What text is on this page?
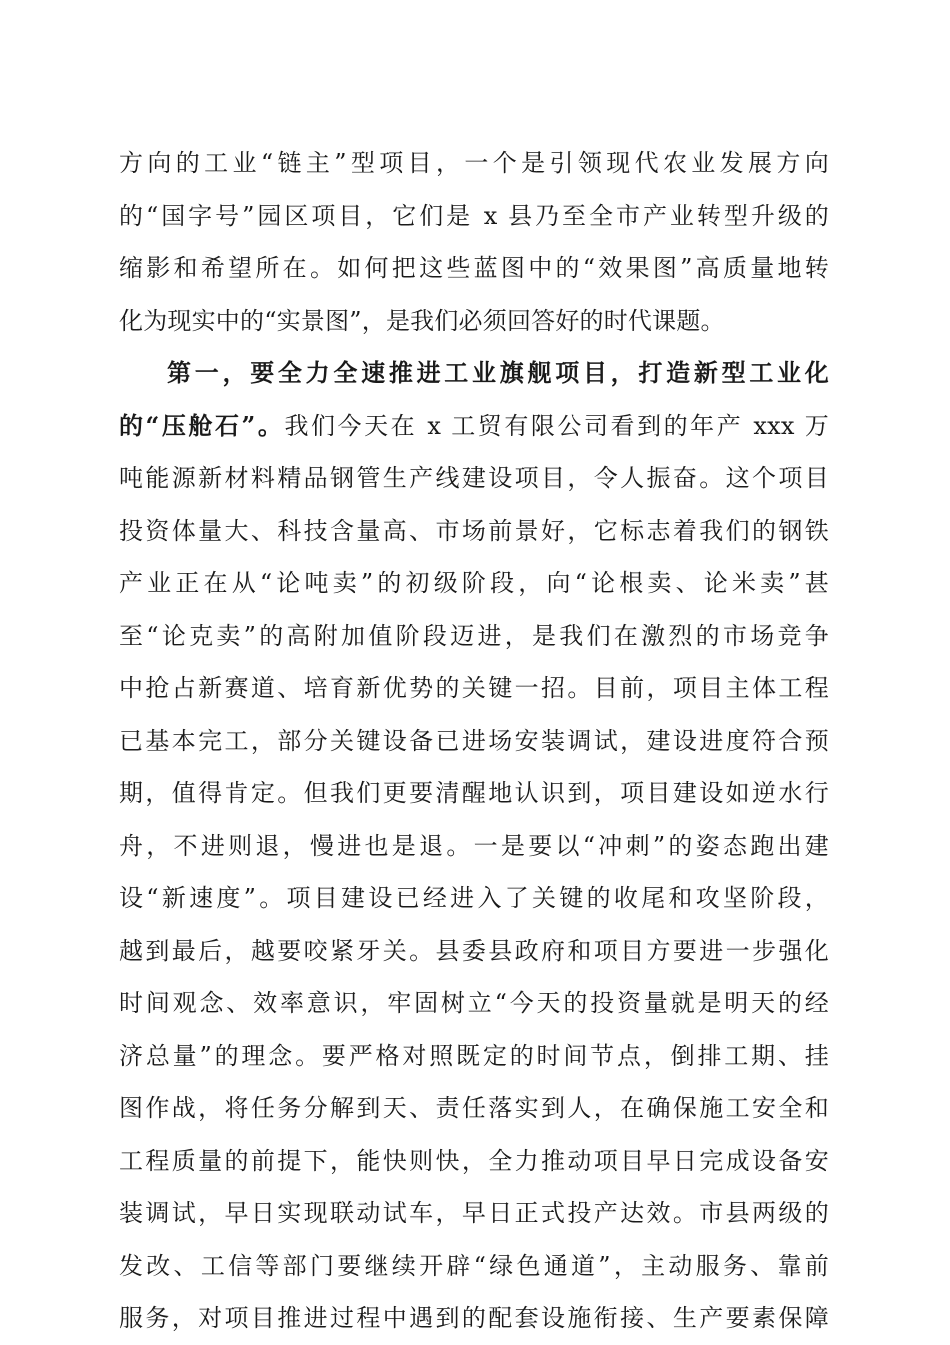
方向的工业“链主”型项目，一个是引领现代农业发展方向
的“国字号”园区项目，它们是 x 县乃至全市产业转型升级的
缩影和希望所在。如何把这些蓝图中的“效果图”高质量地转
化为现实中的“实景图”，是我们必须回答好的时代课题。
第一，要全力全速推进工业旗舰项目，打造新型工业化
的“压舱石”。我们今天在 x 工贸有限公司看到的年产 xxx 万
吨能源新材料精品钢管生产线建设项目，令人振奋。这个项目
投资体量大、科技含量高、市场前景好，它标志着我们的钢铁
产业正在从“论吨卖”的初级阶段，向“论根卖、论米卖”甚
至“论克卖”的高附加值阶段迈进，是我们在激烈的市场竞争
中抢占新赛道、培育新优势的关键一招。目前，项目主体工程
已基本完工，部分关键设备已进场安装调试，建设进度符合预
期，值得肯定。但我们更要清醒地认识到，项目建设如逆水行
舟，不进则退，慢进也是退。一是要以“冲刺”的姿态跑出建
设“新速度”。项目建设已经进入了关键的收尾和攻坚阶段，
越到最后，越要咬紧牙关。县委县政府和项目方要进一步强化
时间观念、效率意识，牢固树立“今天的投资量就是明天的经
济总量”的理念。要严格对照既定的时间节点，倒排工期、挂
图作战，将任务分解到天、责任落实到人，在确保施工安全和
工程质量的前提下，能快则快，全力推动项目早日完成设备安
装调试，早日实现联动试车，早日正式投产达效。市县两级的
发改、工信等部门要继续开辟“绿色通道”，主动服务、靠前
服务，对项目推进过程中遇到的配套设施衔接、生产要素保障
